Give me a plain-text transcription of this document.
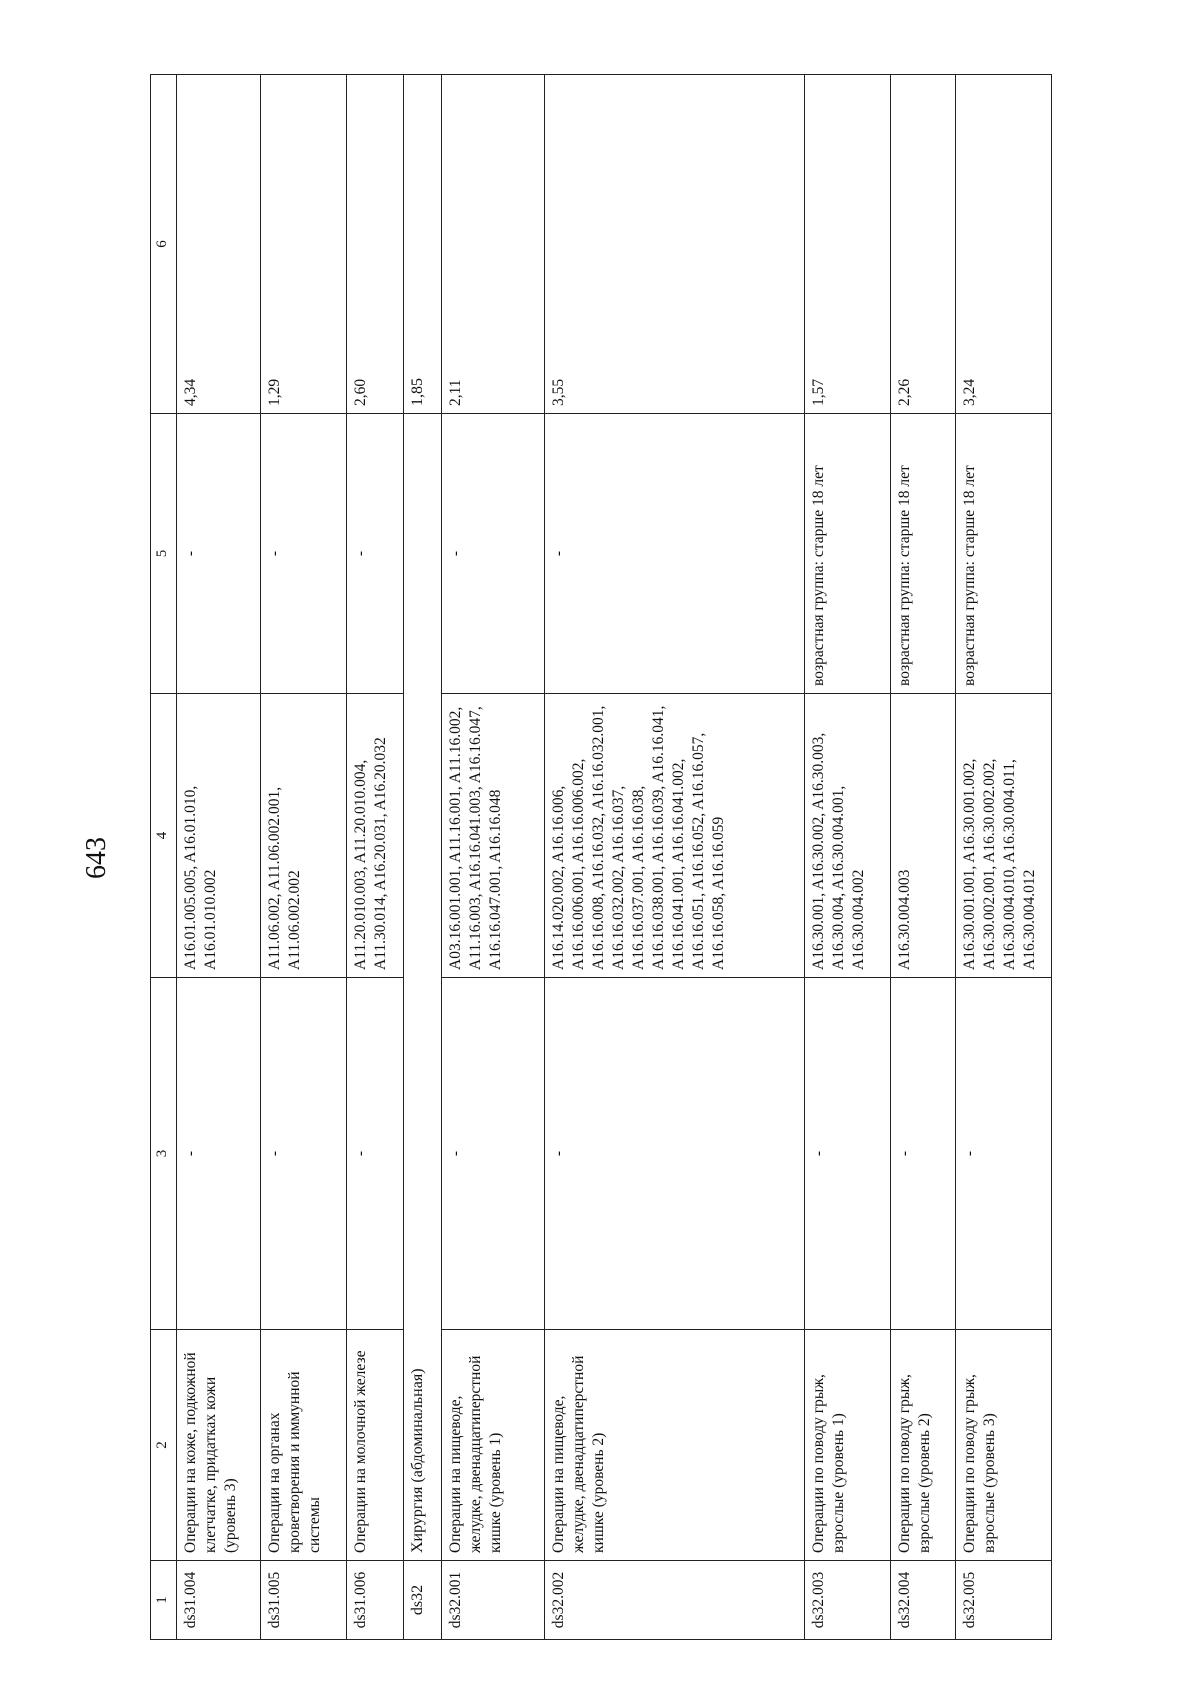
643
1	2	3	4	5	6
ds31.004	Операции на коже, подкожной клетчатке, придатках кожи (уровень 3)	-	A16.01.005.005, A16.01.010, A16.01.010.002	-	4,34
ds31.005	Операции на органах кроветворения и иммунной системы	-	A11.06.002, A11.06.002.001, A11.06.002.002	-	1,29
ds31.006	Операции на молочной железе	-	A11.20.010.003, A11.20.010.004, A11.30.014, A16.20.031, A16.20.032	-	2,60
ds32	Хирургия (абдоминальная)				1,85
ds32.001	Операции на пищеводе, желудке, двенадцатиперстной кишке (уровень 1)	-	A03.16.001.001, A11.16.001, A11.16.002, A11.16.003, A16.16.041.003, A16.16.047, A16.16.047.001, A16.16.048	-	2,11
ds32.002	Операции на пищеводе, желудке, двенадцатиперстной кишке (уровень 2)	-	A16.14.020.002, A16.16.006, A16.16.006.001, A16.16.006.002, A16.16.008, A16.16.032, A16.16.032.001, A16.16.032.002, A16.16.037, A16.16.037.001, A16.16.038, A16.16.038.001, A16.16.039, A16.16.041, A16.16.041.001, A16.16.041.002, A16.16.051, A16.16.052, A16.16.057, A16.16.058, A16.16.059	-	3,55
ds32.003	Операции по поводу грыж, взрослые (уровень 1)	-	A16.30.001, A16.30.002, A16.30.003, A16.30.004, A16.30.004.001, A16.30.004.002	возрастная группа: старше 18 лет	1,57
ds32.004	Операции по поводу грыж, взрослые (уровень 2)	-	A16.30.004.003	возрастная группа: старше 18 лет	2,26
ds32.005	Операции по поводу грыж, взрослые (уровень 3)	-	A16.30.001.001, A16.30.001.002, A16.30.002.001, A16.30.002.002, A16.30.004.010, A16.30.004.011, A16.30.004.012	возрастная группа: старше 18 лет	3,24
